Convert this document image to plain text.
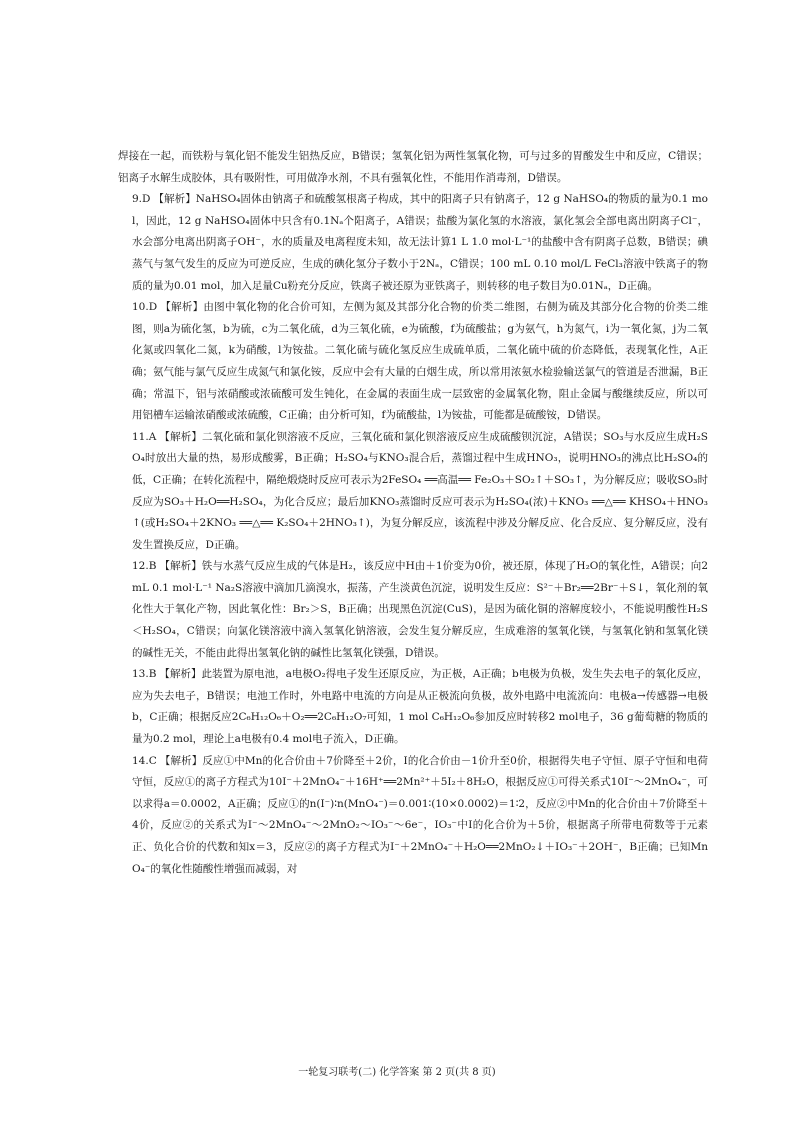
焊接在一起，而铁粉与氧化铝不能发生铝热反应，B错误；氢氧化铝为两性氢氧化物，可与过多的胃酸发生中和反应，C错误；铝离子水解生成胶体，具有吸附性，可用做净水剂，不具有强氧化性，不能用作消毒剂，D错误。

9.D 【解析】NaHSO₄固体由钠离子和硫酸氢根离子构成，其中的阳离子只有钠离子，12 g NaHSO₄的物质的量为0.1 mol，因此，12 g NaHSO₄固体中只含有0.1Nₐ个阳离子，A错误；盐酸为氯化氢的水溶液，氯化氢会全部电离出阴离子Cl⁻，水会部分电离出阴离子OH⁻，水的质量及电离程度未知，故无法计算1 L 1.0 mol·L⁻¹的盐酸中含有阴离子总数，B错误；碘蒸气与氢气发生的反应为可逆反应，生成的碘化氢分子数小于2Nₐ，C错误；100 mL 0.10 mol/L FeCl₃溶液中铁离子的物质的量为0.01 mol，加入足量Cu粉充分反应，铁离子被还原为亚铁离子，则转移的电子数目为0.01Nₐ，D正确。

10.D 【解析】由图中氧化物的化合价可知，左侧为氮及其部分化合物的价类二维图，右侧为硫及其部分化合物的价类二维图，则a为硫化氢，b为硫，c为二氧化硫，d为三氧化硫，e为硫酸，f为硫酸盐；g为氨气，h为氮气，i为一氧化氮，j为二氧化氮或四氧化二氮，k为硝酸，l为铵盐。二氧化硫与硫化氢反应生成硫单质，二氧化硫中硫的价态降低，表现氧化性，A正确；氨气能与氯气反应生成氮气和氯化铵，反应中会有大量的白烟生成，所以常用浓氨水检验输送氯气的管道是否泄漏，B正确；常温下，铝与浓硝酸或浓硫酸可发生钝化，在金属的表面生成一层致密的金属氧化物，阻止金属与酸继续反应，所以可用铝槽车运输浓硝酸或浓硫酸，C正确；由分析可知，f为硫酸盐，l为铵盐，可能都是硫酸铵，D错误。

11.A 【解析】二氧化硫和氯化钡溶液不反应，三氧化硫和氯化钡溶液反应生成硫酸钡沉淀，A错误；SO₃与水反应生成H₂SO₄时放出大量的热，易形成酸雾，B正确；H₂SO₄与KNO₃混合后，蒸馏过程中生成HNO₃，说明HNO₃的沸点比H₂SO₄的低，C正确；在转化流程中，隔绝煅烧时反应可表示为2FeSO₄ ══高温══ Fe₂O₃＋SO₂↑＋SO₃↑，为分解反应；吸收SO₃时反应为SO₃＋H₂O══H₂SO₄，为化合反应；最后加KNO₃蒸馏时反应可表示为H₂SO₄(浓)＋KNO₃ ══△══ KHSO₄＋HNO₃↑(或H₂SO₄＋2KNO₃ ══△══ K₂SO₄＋2HNO₃↑)，为复分解反应，该流程中涉及分解反应、化合反应、复分解反应，没有发生置换反应，D正确。

12.B 【解析】铁与水蒸气反应生成的气体是H₂，该反应中H由＋1价变为0价，被还原，体现了H₂O的氧化性，A错误；向2 mL 0.1 mol·L⁻¹ Na₂S溶液中滴加几滴溴水，振荡，产生淡黄色沉淀，说明发生反应：S²⁻＋Br₂══2Br⁻＋S↓，氧化剂的氧化性大于氧化产物，因此氧化性：Br₂＞S，B正确；出现黑色沉淀(CuS)，是因为硫化铜的溶解度较小，不能说明酸性H₂S＜H₂SO₄，C错误；向氯化镁溶液中滴入氢氧化钠溶液，会发生复分解反应，生成难溶的氢氧化镁，与氢氧化钠和氢氧化镁的碱性无关，不能由此得出氢氧化钠的碱性比氢氧化镁强，D错误。

13.B 【解析】此装置为原电池，a电极O₂得电子发生还原反应，为正极，A正确；b电极为负极，发生失去电子的氧化反应，应为失去电子，B错误；电池工作时，外电路中电流的方向是从正极流向负极，故外电路中电流流向：电极a→传感器→电极b，C正确；根据反应2C₆H₁₂O₆＋O₂══2C₆H₁₂O₇可知，1 mol C₆H₁₂O₆参加反应时转移2 mol电子，36 g葡萄糖的物质的量为0.2 mol，理论上a电极有0.4 mol电子流入，D正确。

14.C 【解析】反应①中Mn的化合价由＋7价降至＋2价，I的化合价由－1价升至0价，根据得失电子守恒、原子守恒和电荷守恒，反应①的离子方程式为10I⁻＋2MnO₄⁻＋16H⁺══2Mn²⁺＋5I₂＋8H₂O，根据反应①可得关系式10I⁻～2MnO₄⁻，可以求得a＝0.0002，A正确；反应①的n(I⁻)∶n(MnO₄⁻)＝0.001∶(10×0.0002)＝1∶2，反应②中Mn的化合价由＋7价降至＋4价，反应②的关系式为I⁻～2MnO₄⁻～2MnO₂～IO₃⁻～6e⁻，IO₃⁻中I的化合价为＋5价，根据离子所带电荷数等于元素正、负化合价的代数和知x＝3，反应②的离子方程式为I⁻＋2MnO₄⁻＋H₂O══2MnO₂↓＋IO₃⁻＋2OH⁻，B正确；已知MnO₄⁻的氧化性随酸性增强而减弱，对

一轮复习联考(二) 化学答案 第 2 页(共 8 页)
